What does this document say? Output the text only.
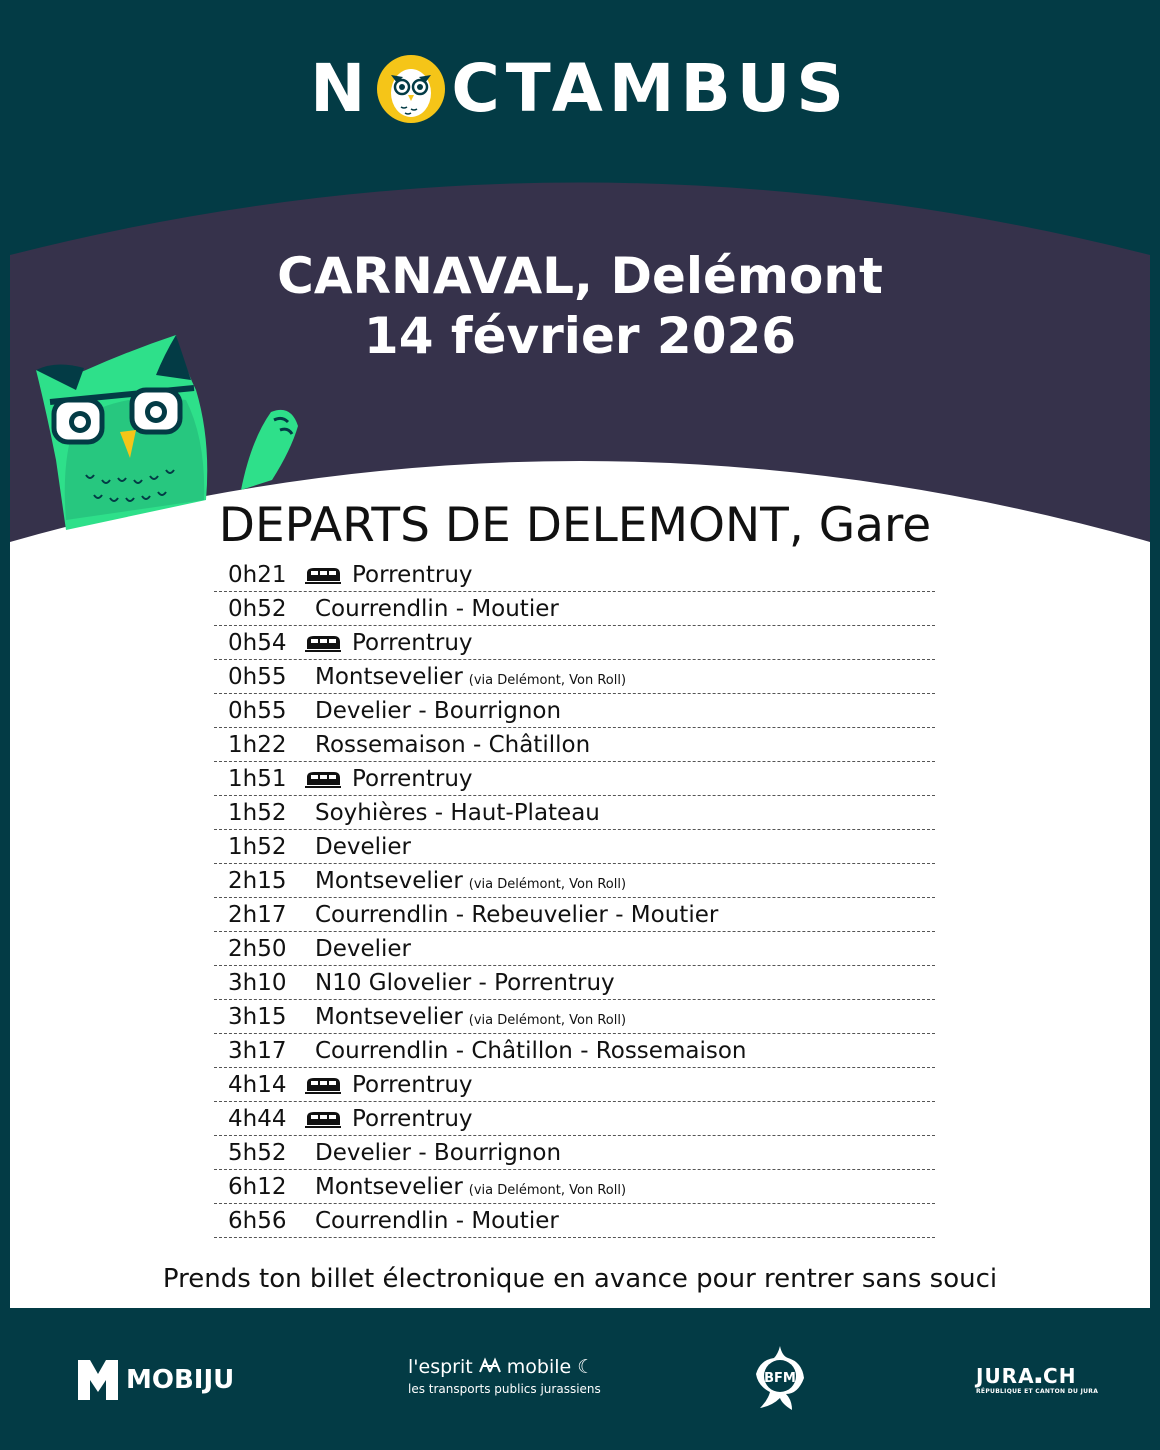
N CTAMBUS
CARNAVAL, Delémont
14 février 2026
DEPARTS DE DELEMONT, Gare
0h21	Porrentruy
0h52	Courrendlin - Moutier
0h54	Porrentruy
0h55	Montsevelier (via Delémont, Von Roll)
0h55	Develier - Bourrignon
1h22	Rossemaison - Châtillon
1h51	Porrentruy
1h52	Soyhières - Haut-Plateau
1h52	Develier
2h15	Montsevelier (via Delémont, Von Roll)
2h17	Courrendlin - Rebeuvelier - Moutier
2h50	Develier
3h10	N10 Glovelier - Porrentruy
3h15	Montsevelier (via Delémont, Von Roll)
3h17	Courrendlin - Châtillon - Rossemaison
4h14	Porrentruy
4h44	Porrentruy
5h52	Develier - Bourrignon
6h12	Montsevelier (via Delémont, Von Roll)
6h56	Courrendlin - Moutier
Prends ton billet électronique en avance pour rentrer sans souci
MOBIJU	l'esprit mobile ☾
les transports publics jurassiens
BFM	JURA▪CH
RÉPUBLIQUE ET CANTON DU JURA
